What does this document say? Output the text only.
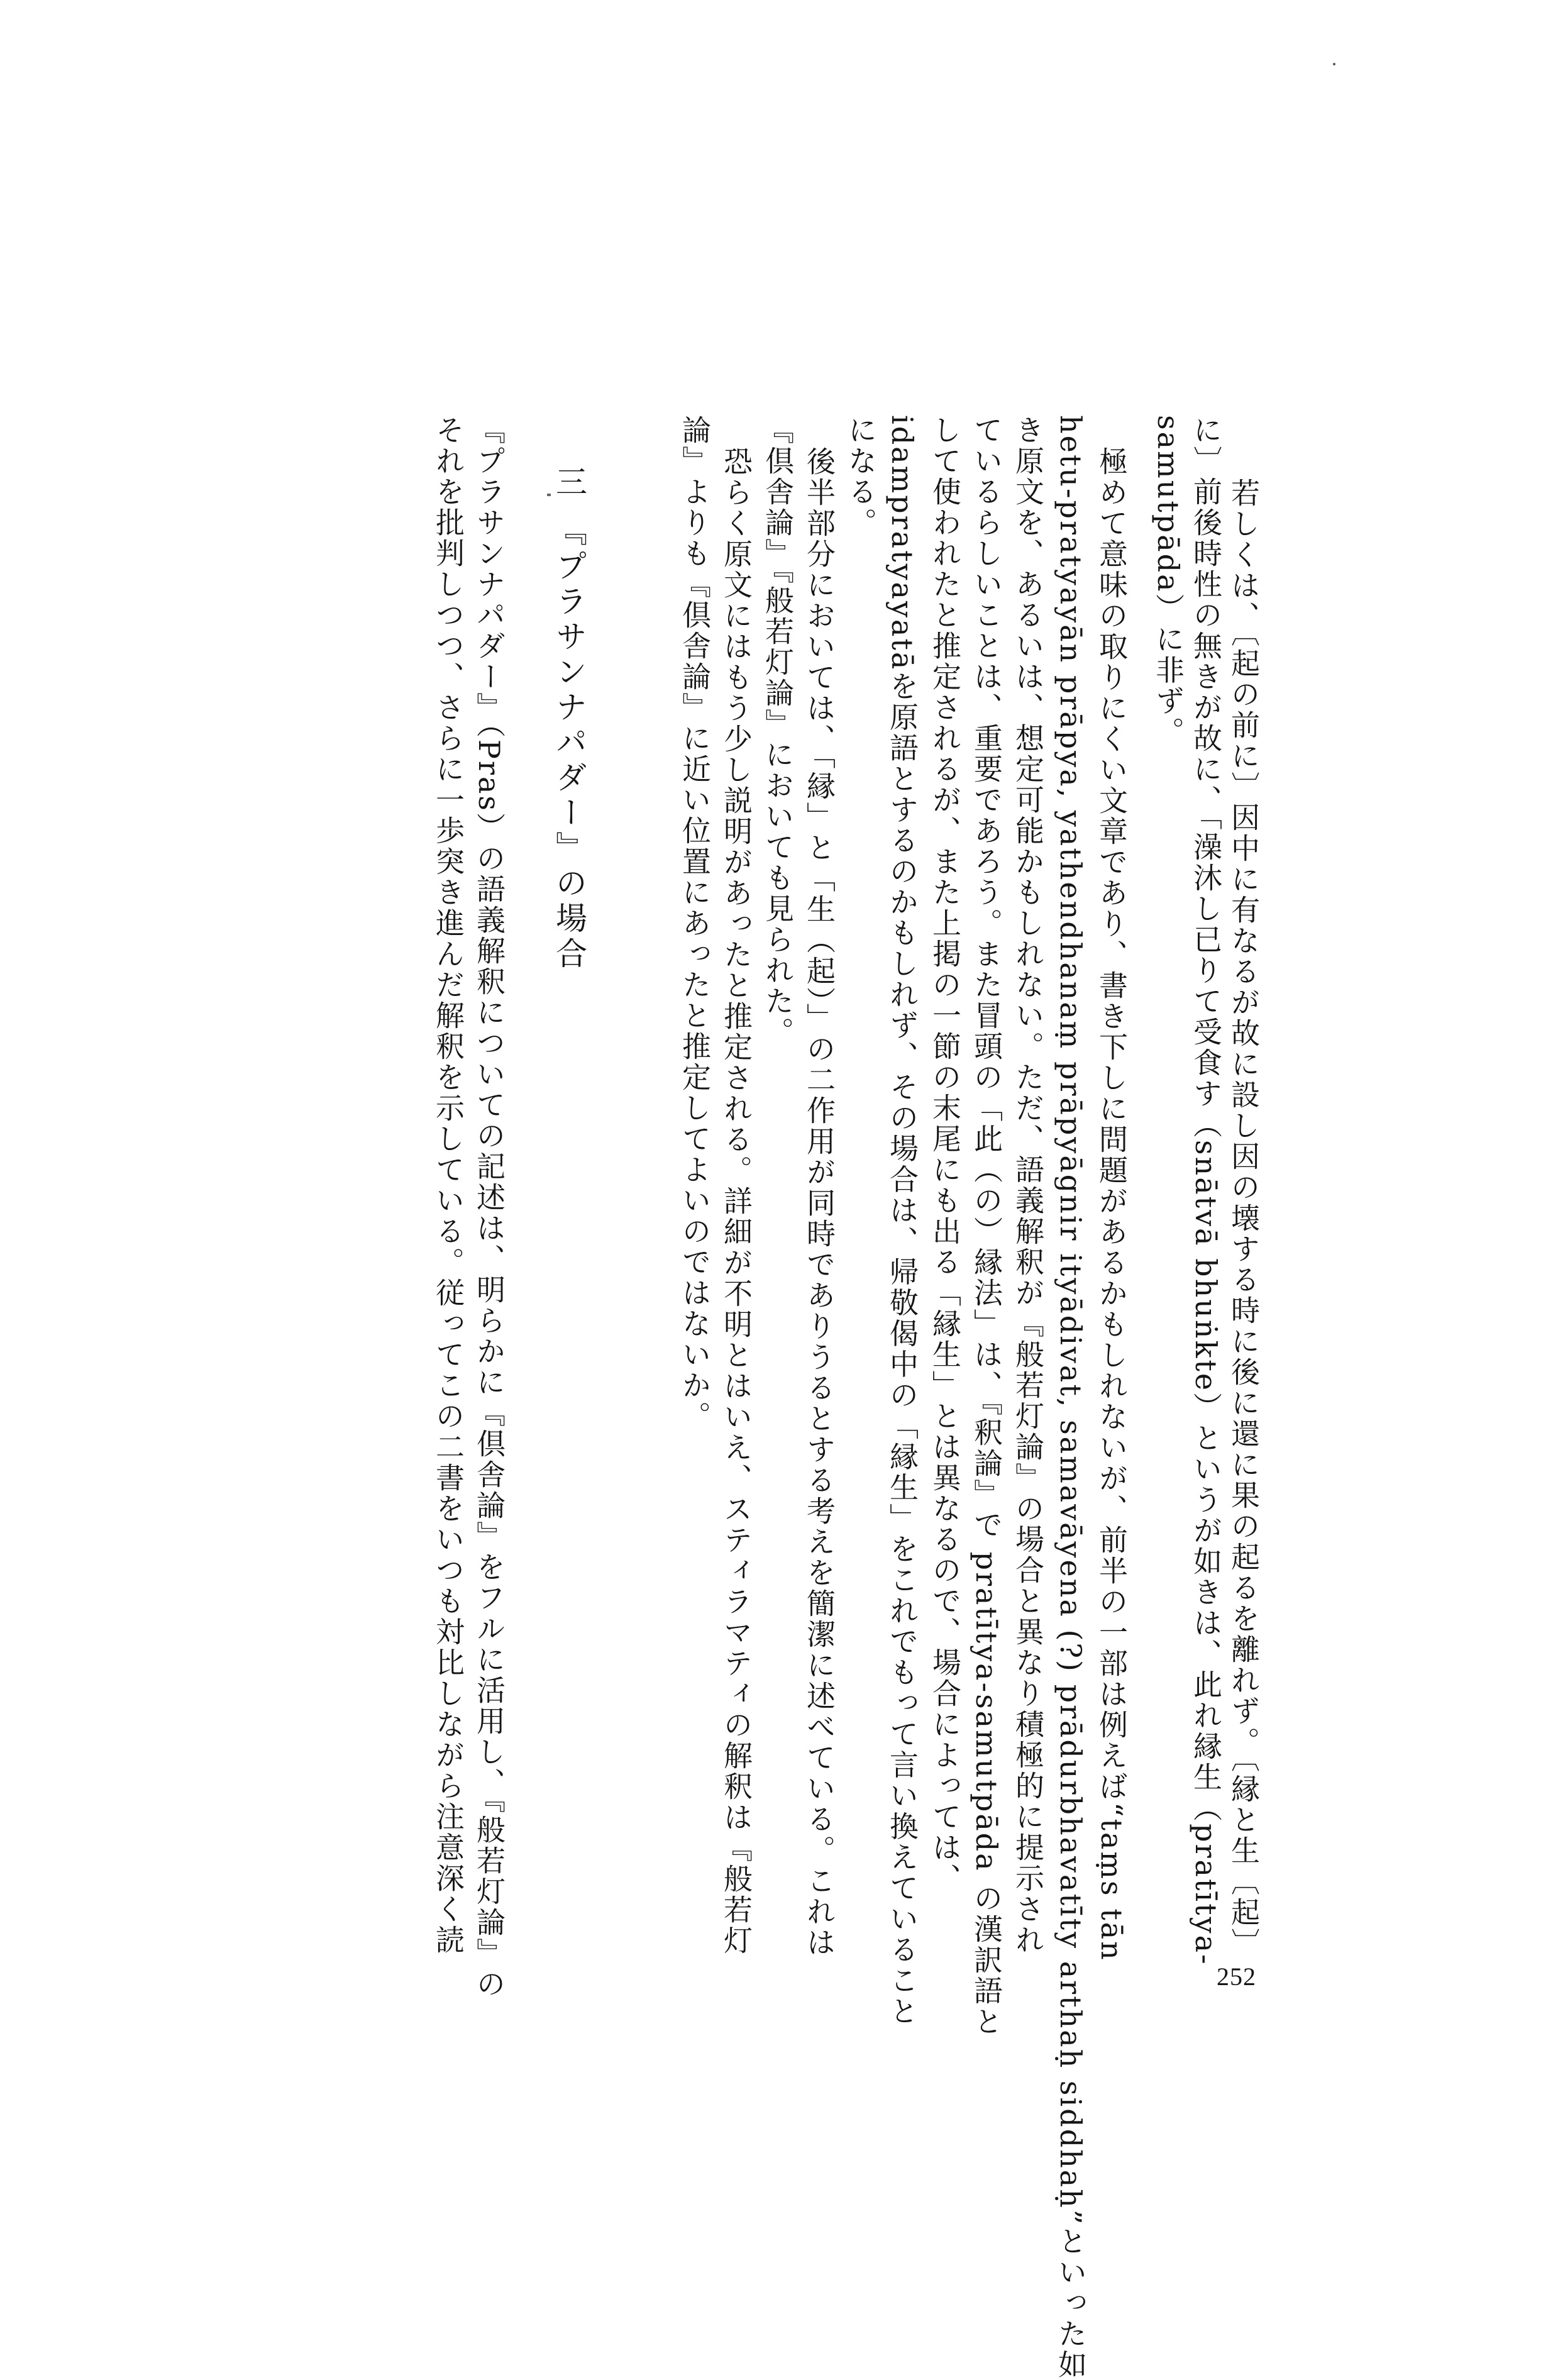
若しくは、〔起の前に〕因中に有なるが故に設し因の壊する時に後に還に果の起るを離れず。〔縁と生〔起〕
に〕前後時性の無きが故に、「澡沐し已りて受食す（snātvā bhuṅkte）というが如きは、此れ縁生（pratītya-
samutpāda）に非ず。
極めて意味の取りにくい文章であり、書き下しに問題があるかもしれないが、前半の一部は例えば“taṃs tān
hetu-pratyayān prāpya, yathendhanaṃ prāpyāgnir ityādivat, samavāyena (?) prādurbhavatīty arthaḥ siddhaḥ”といった如
き原文を、あるいは、想定可能かもしれない。ただ、語義解釈が『般若灯論』の場合と異なり積極的に提示され
ているらしいことは、重要であろう。また冒頭の「此（の）縁法」は、『釈論』で pratītya-samutpāda の漢訳語と
して使われたと推定されるが、また上掲の一節の末尾にも出る「縁生」とは異なるので、場合によっては、
idampratyayatāを原語とするのかもしれず、その場合は、帰敬偈中の「縁生」をこれでもって言い換えていること
になる。
後半部分においては、「縁」と「生（起）」の二作用が同時でありうるとする考えを簡潔に述べている。これは
『倶舎論』『般若灯論』においても見られた。
恐らく原文にはもう少し説明があったと推定される。詳細が不明とはいえ、スティラマティの解釈は『般若灯
論』よりも『倶舎論』に近い位置にあったと推定してよいのではないか。
三 『プラサンナパダー』の場合
『プラサンナパダー』（Pras）の語義解釈についての記述は、明らかに『倶舎論』をフルに活用し、『般若灯論』の
それを批判しつつ、さらに一歩突き進んだ解釈を示している。従ってこの二書をいつも対比しながら注意深く読
252
